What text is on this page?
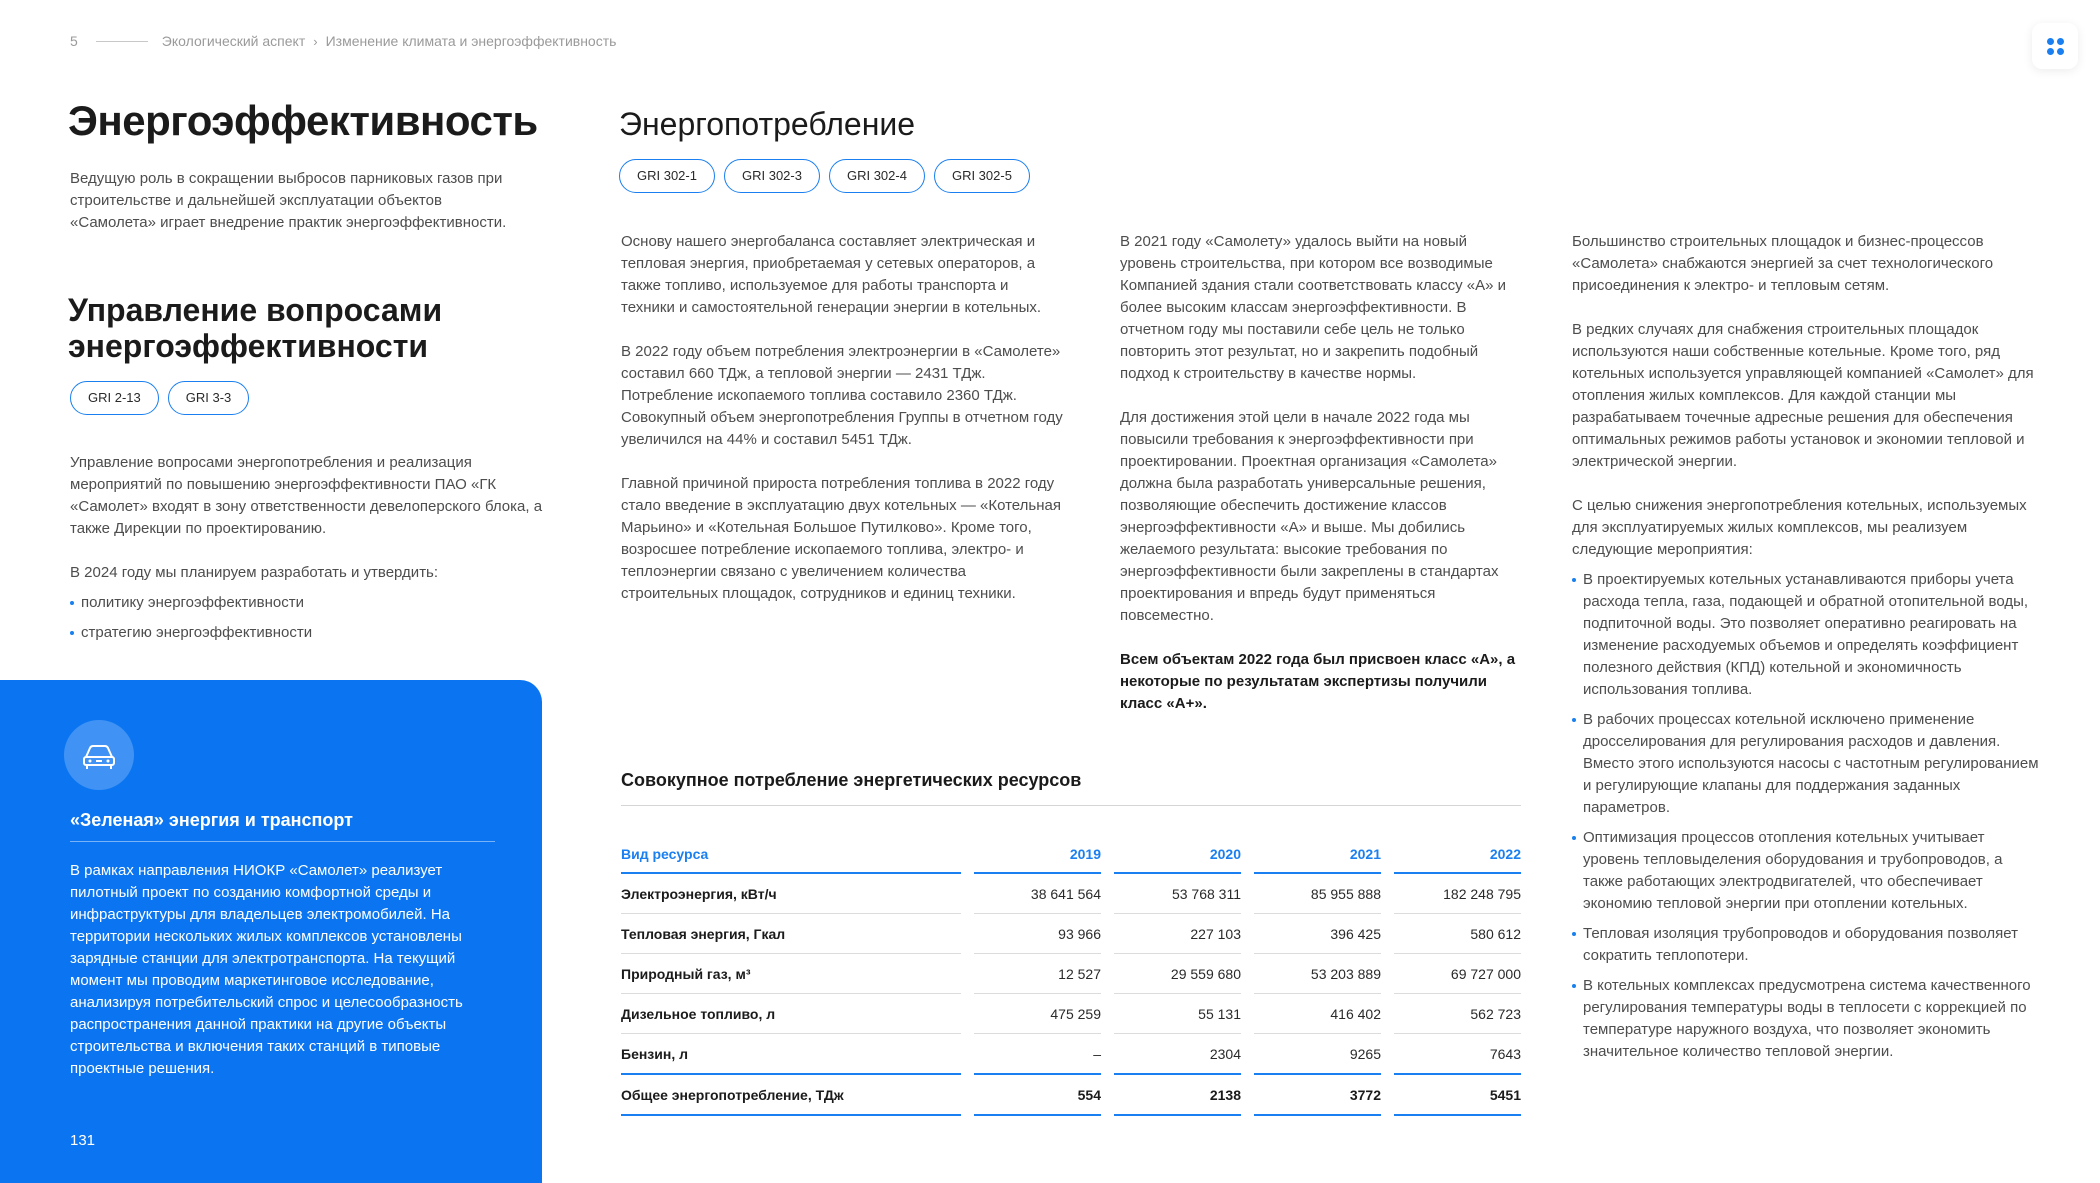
5	Экологический аспект › Изменение климата и энергоэффективность
Энергоэффективность

Ведущую роль в сокращении выбросов парниковых газов при строительстве и дальнейшей эксплуатации объектов «Самолета» играет внедрение практик энергоэффективности.

Управление вопросами энергоэффективности
GRI 2-13	GRI 3-3

Управление вопросами энергопотребления и реализация мероприятий по повышению энергоэффективности ПАО «ГК «Самолет» входят в зону ответственности девелоперского блока, а также Дирекции по проектированию.

В 2024 году мы планируем разработать и утвердить:

политику энергоэффективности
стратегию энергоэффективности
«Зеленая» энергия и транспорт

В рамках направления НИОКР «Самолет» реализует пилотный проект по созданию комфортной среды и инфраструктуры для владельцев электромобилей. На территории нескольких жилых комплексов установлены зарядные станции для электротранспорта. На текущий момент мы проводим маркетинговое исследование, анализируя потребительский спрос и целесообразность распространения данной практики на другие объекты строительства и включения таких станций в типовые проектные решения.

131
Энергопотребление
GRI 302-1	GRI 302-3	GRI 302-4	GRI 302-5

Основу нашего энергобаланса составляет электрическая и тепловая энергия, приобретаемая у сетевых операторов, а также топливо, используемое для работы транспорта и техники и самостоятельной генерации энергии в котельных.

В 2022 году объем потребления электроэнергии в «Самолете» составил 660 ТДж, а тепловой энергии — 2431 ТДж. Потребление ископаемого топлива составило 2360 ТДж. Совокупный объем энергопотребления Группы в отчетном году увеличился на 44% и составил 5451 ТДж.

Главной причиной прироста потребления топлива в 2022 году стало введение в эксплуатацию двух котельных — «Котельная Марьино» и «Котельная Большое Путилково». Кроме того, возросшее потребление ископаемого топлива, электро- и теплоэнергии связано с увеличением количества строительных площадок, сотрудников и единиц техники.

В 2021 году «Самолету» удалось выйти на новый уровень строительства, при котором все возводимые Компанией здания стали соответствовать классу «А» и более высоким классам энергоэффективности. В отчетном году мы поставили себе цель не только повторить этот результат, но и закрепить подобный подход к строительству в качестве нормы.

Для достижения этой цели в начале 2022 года мы повысили требования к энергоэффективности при проектировании. Проектная организация «Самолета» должна была разработать универсальные решения, позволяющие обеспечить достижение классов энергоэффективности «А» и выше. Мы добились желаемого результата: высокие требования по энергоэффективности были закреплены в стандартах проектирования и впредь будут применяться повсеместно.

Всем объектам 2022 года был присвоен класс «А», а некоторые по результатам экспертизы получили класс «А+».

Большинство строительных площадок и бизнес-процессов «Самолета» снабжаются энергией за счет технологического присоединения к электро- и тепловым сетям.

В редких случаях для снабжения строительных площадок используются наши собственные котельные. Кроме того, ряд котельных используется управляющей компанией «Самолет» для отопления жилых комплексов. Для каждой станции мы разрабатываем точечные адресные решения для обеспечения оптимальных режимов работы установок и экономии тепловой и электрической энергии.

С целью снижения энергопотребления котельных, используемых для эксплуатируемых жилых комплексов, мы реализуем следующие мероприятия:

В проектируемых котельных устанавливаются приборы учета расхода тепла, газа, подающей и обратной отопительной воды, подпиточной воды. Это позволяет оперативно реагировать на изменение расходуемых объемов и определять коэффициент полезного действия (КПД) котельной и экономичность использования топлива.
В рабочих процессах котельной исключено применение дросселирования для регулирования расходов и давления. Вместо этого используются насосы с частотным регулированием и регулирующие клапаны для поддержания заданных параметров.
Оптимизация процессов отопления котельных учитывает уровень тепловыделения оборудования и трубопроводов, а также работающих электродвигателей, что обеспечивает экономию тепловой энергии при отоплении котельных.
Тепловая изоляция трубопроводов и оборудования позволяет сократить теплопотери.
В котельных комплексах предусмотрена система качественного регулирования температуры воды в теплосети с коррекцией по температуре наружного воздуха, что позволяет экономить значительное количество тепловой энергии.
Совокупное потребление энергетических ресурсов
Вид ресурса		2019		2020		2021		2022
Электроэнергия, кВт/ч		38 641 564		53 768 311		85 955 888		182 248 795
Тепловая энергия, Гкал		93 966		227 103		396 425		580 612
Природный газ, м³		12 527		29 559 680		53 203 889		69 727 000
Дизельное топливо, л		475 259		55 131		416 402		562 723
Бензин, л		–		2304		9265		7643
Общее энергопотребление, ТДж		554		2138		3772		5451
